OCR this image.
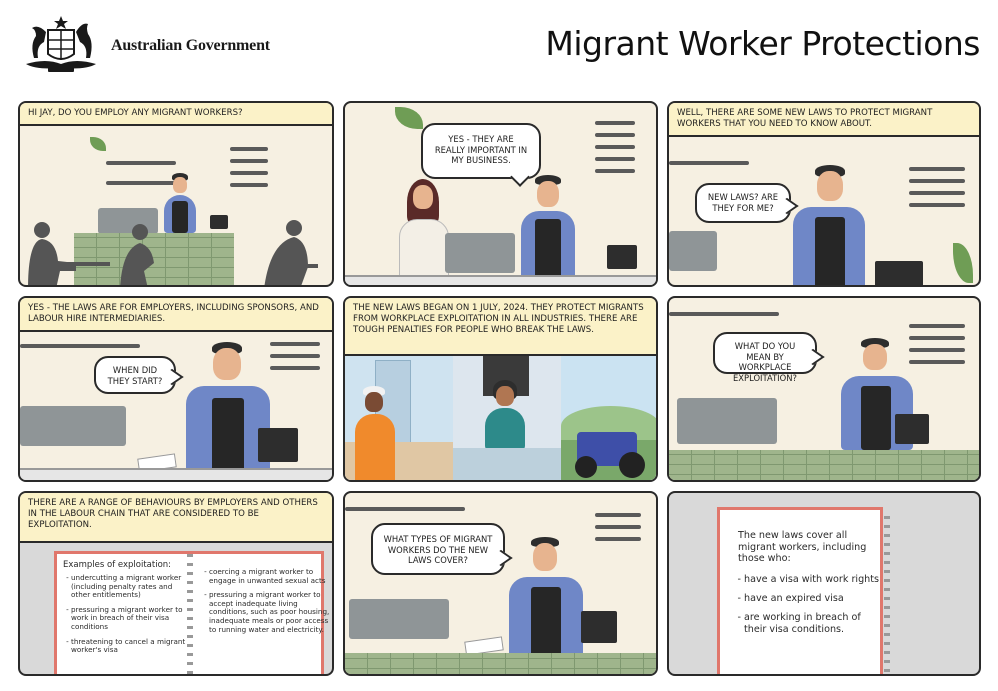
Australian Government	Migrant Worker Protections
HI JAY, DO YOU EMPLOY ANY MIGRANT WORKERS?
YES - THEY ARE REALLY IMPORTANT IN MY BUSINESS.
WELL, THERE ARE SOME NEW LAWS TO PROTECT MIGRANT WORKERS THAT YOU NEED TO KNOW ABOUT.
NEW LAWS? ARE THEY FOR ME?
YES - THE LAWS ARE FOR EMPLOYERS, INCLUDING SPONSORS, AND LABOUR HIRE INTERMEDIARIES.
WHEN DID THEY START?
THE NEW LAWS BEGAN ON 1 JULY, 2024. THEY PROTECT MIGRANTS FROM WORKPLACE EXPLOITATION IN ALL INDUSTRIES. THERE ARE TOUGH PENALTIES FOR PEOPLE WHO BREAK THE LAWS.
WHAT DO YOU MEAN BY WORKPLACE EXPLOITATION?
THERE ARE A RANGE OF BEHAVIOURS BY EMPLOYERS AND OTHERS IN THE LABOUR CHAIN THAT ARE CONSIDERED TO BE EXPLOITATION.
Examples of exploitation:
- undercutting a migrant worker (including penalty rates and other entitlements)
- pressuring a migrant worker to work in breach of their visa conditions
- threatening to cancel a migrant worker's visa
- coercing a migrant worker to engage in unwanted sexual acts
- pressuring a migrant worker to accept inadequate living conditions, such as poor housing, inadequate meals or poor access to running water and electricity.
WHAT TYPES OF MIGRANT WORKERS DO THE NEW LAWS COVER?
The new laws cover all migrant workers, including those who:
- have a visa with work rights
- have an expired visa
- are working in breach of their visa conditions.
